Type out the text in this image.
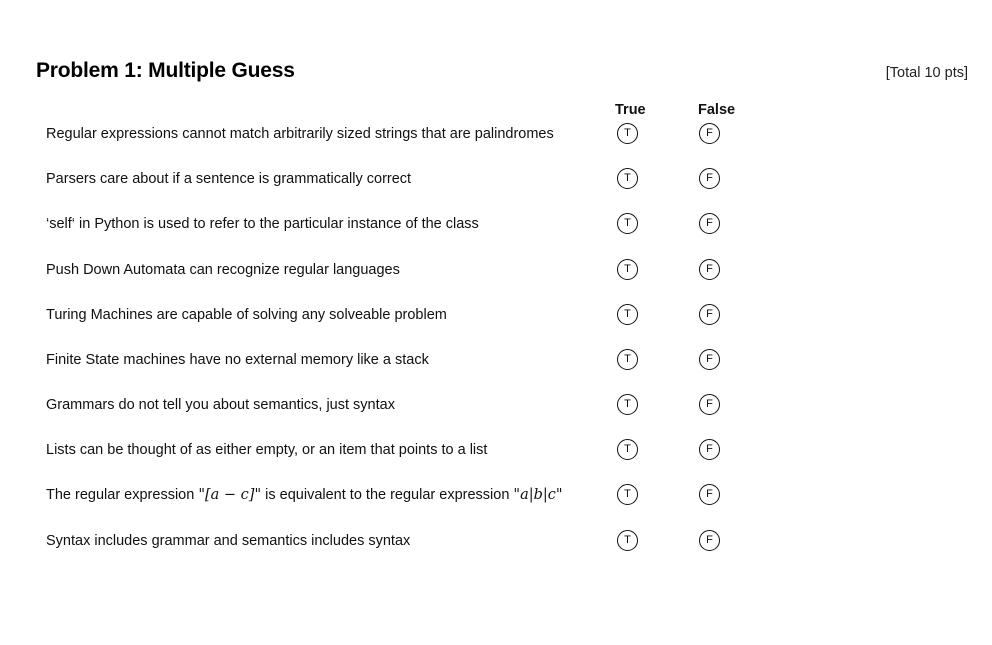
Problem 1: Multiple Guess	[Total 10 pts]
True	False
Regular expressions cannot match arbitrarily sized strings that are palindromes	T	F
Parsers care about if a sentence is grammatically correct	T	F
‘self‘ in Python is used to refer to the particular instance of the class	T	F
Push Down Automata can recognize regular languages	T	F
Turing Machines are capable of solving any solveable problem	T	F
Finite State machines have no external memory like a stack	T	F
Grammars do not tell you about semantics, just syntax	T	F
Lists can be thought of as either empty, or an item that points to a list	T	F
The regular expression "[a − c]" is equivalent to the regular expression "a|b|c"	T	F
Syntax includes grammar and semantics includes syntax	T	F
